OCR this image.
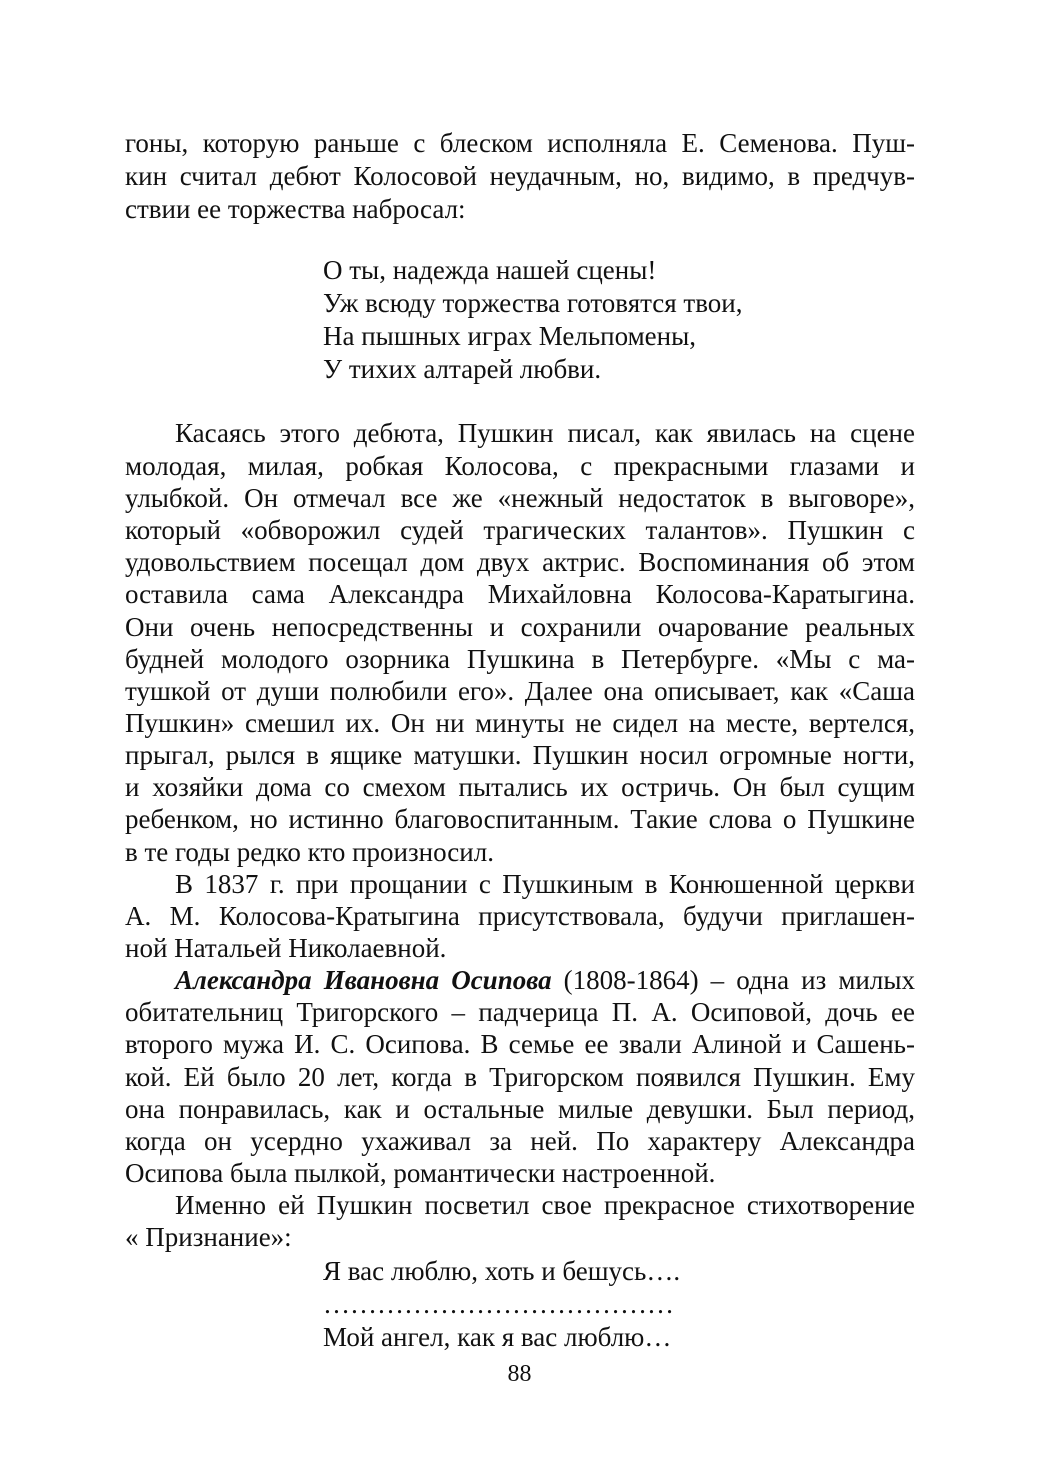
гоны, которую раньше с блеском исполняла Е. Семенова. Пуш-
кин считал дебют Колосовой неудачным, но, видимо, в предчув-
ствии ее торжества набросал:
О ты, надежда нашей сцены!
Уж всюду торжества готовятся твои,
На пышных играх Мельпомены,
У тихих алтарей любви.
Касаясь этого дебюта, Пушкин писал, как явилась на сцене
молодая, милая, робкая Колосова, с прекрасными глазами и
улыбкой. Он отмечал все же «нежный недостаток в выговоре»,
который «обворожил судей трагических талантов». Пушкин с
удовольствием посещал дом двух актрис. Воспоминания об этом
оставила сама Александра Михайловна Колосова-Каратыгина.
Они очень непосредственны и сохранили очарование реальных
будней молодого озорника Пушкина в Петербурге. «Мы с ма-
тушкой от души полюбили его». Далее она описывает, как «Саша
Пушкин» смешил их. Он ни минуты не сидел на месте, вертелся,
прыгал, рылся в ящике матушки. Пушкин носил огромные ногти,
и хозяйки дома со смехом пытались их остричь. Он был сущим
ребенком, но истинно благовоспитанным. Такие слова о Пушкине
в те годы редко кто произносил.
В 1837 г. при прощании с Пушкиным в Конюшенной церкви
А. М. Колосова-Кратыгина присутствовала, будучи приглашен-
ной Натальей Николаевной.
Александра Ивановна Осипова (1808-1864) – одна из милых
обитательниц Тригорского – падчерица П. А. Осиповой, дочь ее
второго мужа И. С. Осипова. В семье ее звали Алиной и Сашень-
кой. Ей было 20 лет, когда в Тригорском появился Пушкин. Ему
она понравилась, как и остальные милые девушки. Был период,
когда он усердно ухаживал за ней. По характеру Александра
Осипова была пылкой, романтически настроенной.
Именно ей Пушкин посветил свое прекрасное стихотворение
« Признание»:
Я вас люблю, хоть и бешусь….
…………………………………
Мой ангел, как я вас люблю…
88
